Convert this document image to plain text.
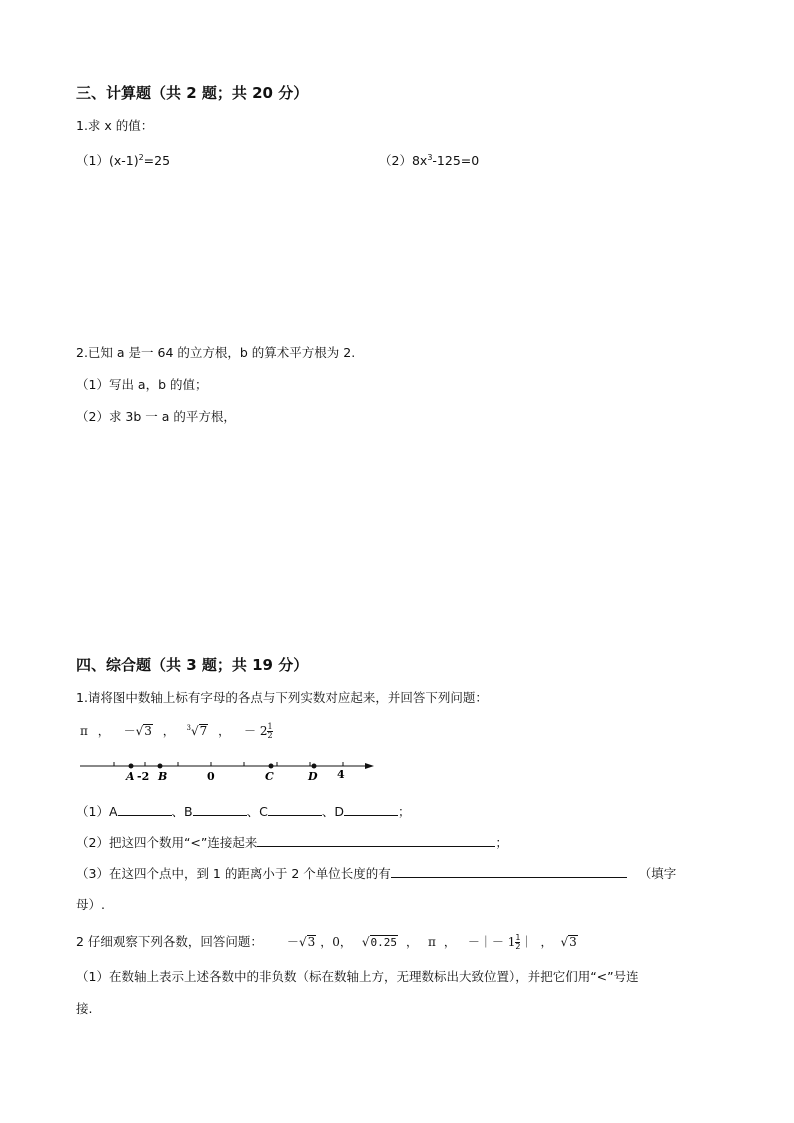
三、计算题（共 2 题；共 20 分）
1.求 x 的值：
$(1)(x-1)^2=25$	$(2)8x^3-125=0$
2.已知 a 是一 64 的立方根，b 的算术平方根为 2.
（1）写出 a，b 的值；
（2）求 3b 一 a 的平方根，
四、综合题（共 3 题；共 19 分）
1.请将图中数轴上标有字母的各点与下列实数对应起来，并回答下列问题：
π ， －√3 ， $^3$√7 ， － $2 \frac{1}{2}$
A -2 B	0	C	D 4
（1）A	、B	、C	、D	；
（2）把这四个数用“<”连接起来	；
（3）在这四个点中，到 1 的距离小于 2 个单位长度的有	（填字
母）.
2 仔细观察下列各数，回答问题： －√3 ，0， √0.25 ， π ， －｜－ $1 \frac{1}{2}$ ｜ ， √3
（1）在数轴上表示上述各数中的非负数（标在数轴上方，无理数标出大致位置），并把它们用“<”号连
接.
